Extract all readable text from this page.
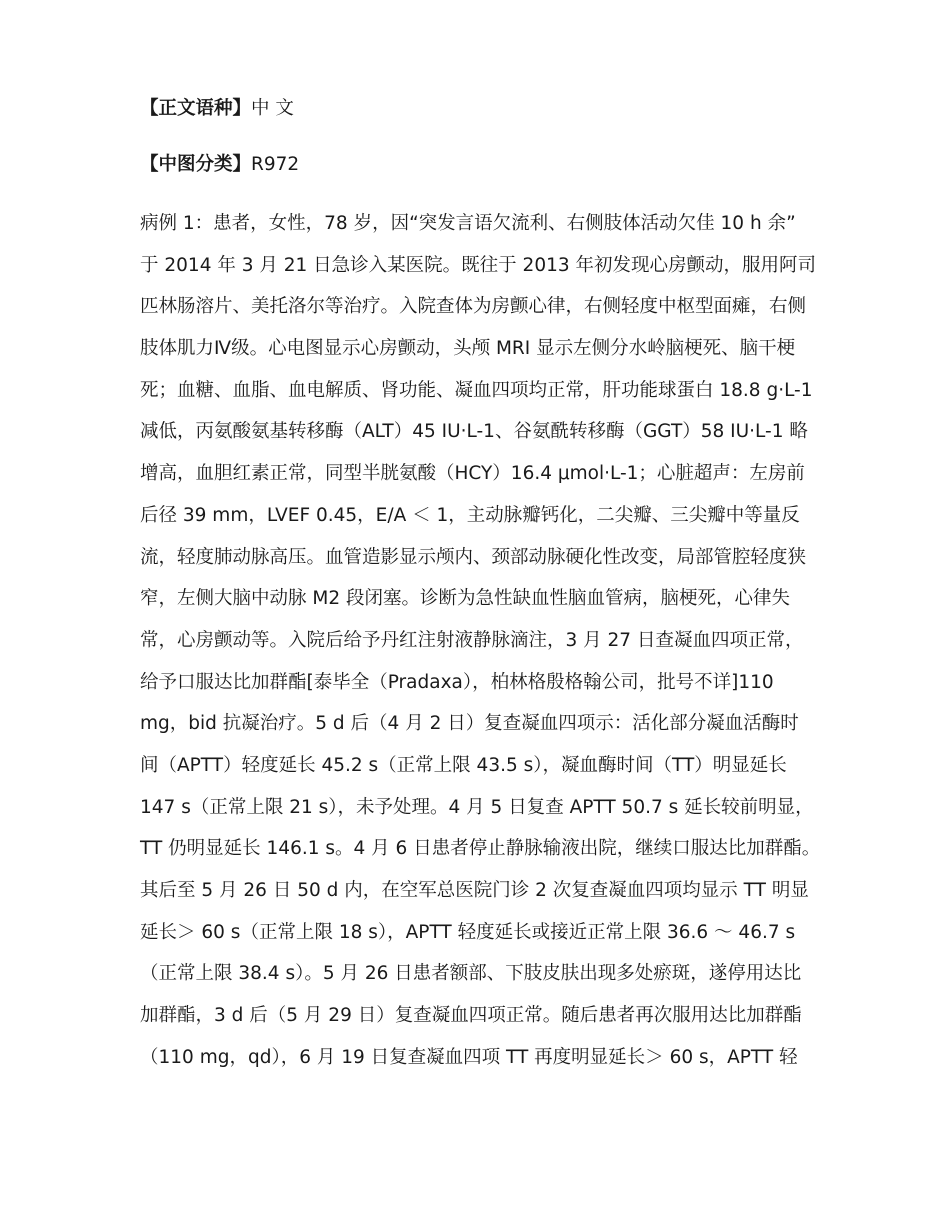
【正文语种】中 文
【中图分类】R972
病例 1：患者，女性，78 岁，因“突发言语欠流利、右侧肢体活动欠佳 10 h 余”
于 2014 年 3 月 21 日急诊入某医院。既往于 2013 年初发现心房颤动，服用阿司
匹林肠溶片、美托洛尔等治疗。入院查体为房颤心律，右侧轻度中枢型面瘫，右侧
肢体肌力Ⅳ级。心电图显示心房颤动，头颅 MRI 显示左侧分水岭脑梗死、脑干梗
死；血糖、血脂、血电解质、肾功能、凝血四项均正常，肝功能球蛋白 18.8 g·L-1
减低，丙氨酸氨基转移酶（ALT）45 IU·L-1、谷氨酰转移酶（GGT）58 IU·L-1 略
增高，血胆红素正常，同型半胱氨酸（HCY）16.4 μmol·L-1；心脏超声：左房前
后径 39 mm，LVEF 0.45，E/A ＜ 1，主动脉瓣钙化，二尖瓣、三尖瓣中等量反
流，轻度肺动脉高压。血管造影显示颅内、颈部动脉硬化性改变，局部管腔轻度狭
窄，左侧大脑中动脉 M2 段闭塞。诊断为急性缺血性脑血管病，脑梗死，心律失
常，心房颤动等。入院后给予丹红注射液静脉滴注，3 月 27 日查凝血四项正常，
给予口服达比加群酯[泰毕全（Pradaxa），柏林格殷格翰公司，批号不详]110
mg，bid 抗凝治疗。5 d 后（4 月 2 日）复查凝血四项示：活化部分凝血活酶时
间（APTT）轻度延长 45.2 s（正常上限 43.5 s），凝血酶时间（TT）明显延长
147 s（正常上限 21 s），未予处理。4 月 5 日复查 APTT 50.7 s 延长较前明显，
TT 仍明显延长 146.1 s。4 月 6 日患者停止静脉输液出院，继续口服达比加群酯。
其后至 5 月 26 日 50 d 内，在空军总医院门诊 2 次复查凝血四项均显示 TT 明显
延长＞ 60 s（正常上限 18 s），APTT 轻度延长或接近正常上限 36.6 ～ 46.7 s
（正常上限 38.4 s）。5 月 26 日患者额部、下肢皮肤出现多处瘀斑，遂停用达比
加群酯，3 d 后（5 月 29 日）复查凝血四项正常。随后患者再次服用达比加群酯
（110 mg，qd），6 月 19 日复查凝血四项 TT 再度明显延长＞ 60 s，APTT 轻
